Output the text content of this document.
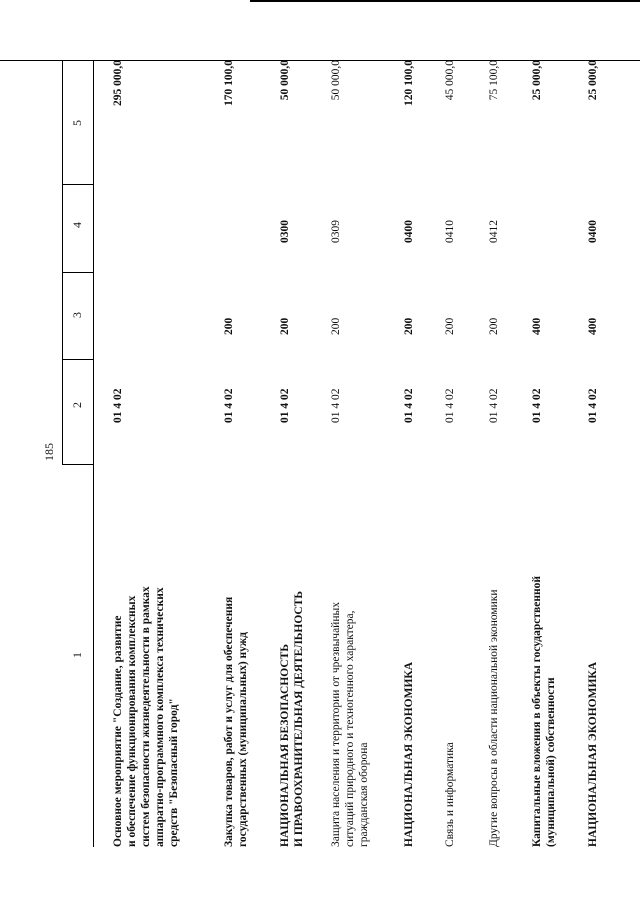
185
1
2
3
4
5
Основное мероприятие "Создание, развитие и обеспечение функционирования комплексных систем безопасности жизнедеятельности в рамках аппаратно-программного комплекса технических средств "Безопасный город"
01 4 02
295 000,0
Закупка товаров, работ и услуг для обеспечения государственных (муниципальных) нужд
01 4 02
200
170 100,0
НАЦИОНАЛЬНАЯ БЕЗОПАСНОСТЬ И ПРАВООХРАНИТЕЛЬНАЯ ДЕЯТЕЛЬНОСТЬ
01 4 02
200
0300
50 000,0
Защита населения и территории от чрезвычайных ситуаций природного и техногенного характера, гражданская оборона
01 4 02
200
0309
50 000,0
НАЦИОНАЛЬНАЯ ЭКОНОМИКА
01 4 02
200
0400
120 100,0
Связь и информатика
01 4 02
200
0410
45 000,0
Другие вопросы в области национальной экономики
01 4 02
200
0412
75 100,0
Капитальные вложения в объекты государственной (муниципальной) собственности
01 4 02
400
25 000,0
НАЦИОНАЛЬНАЯ ЭКОНОМИКА
01 4 02
400
0400
25 000,0
